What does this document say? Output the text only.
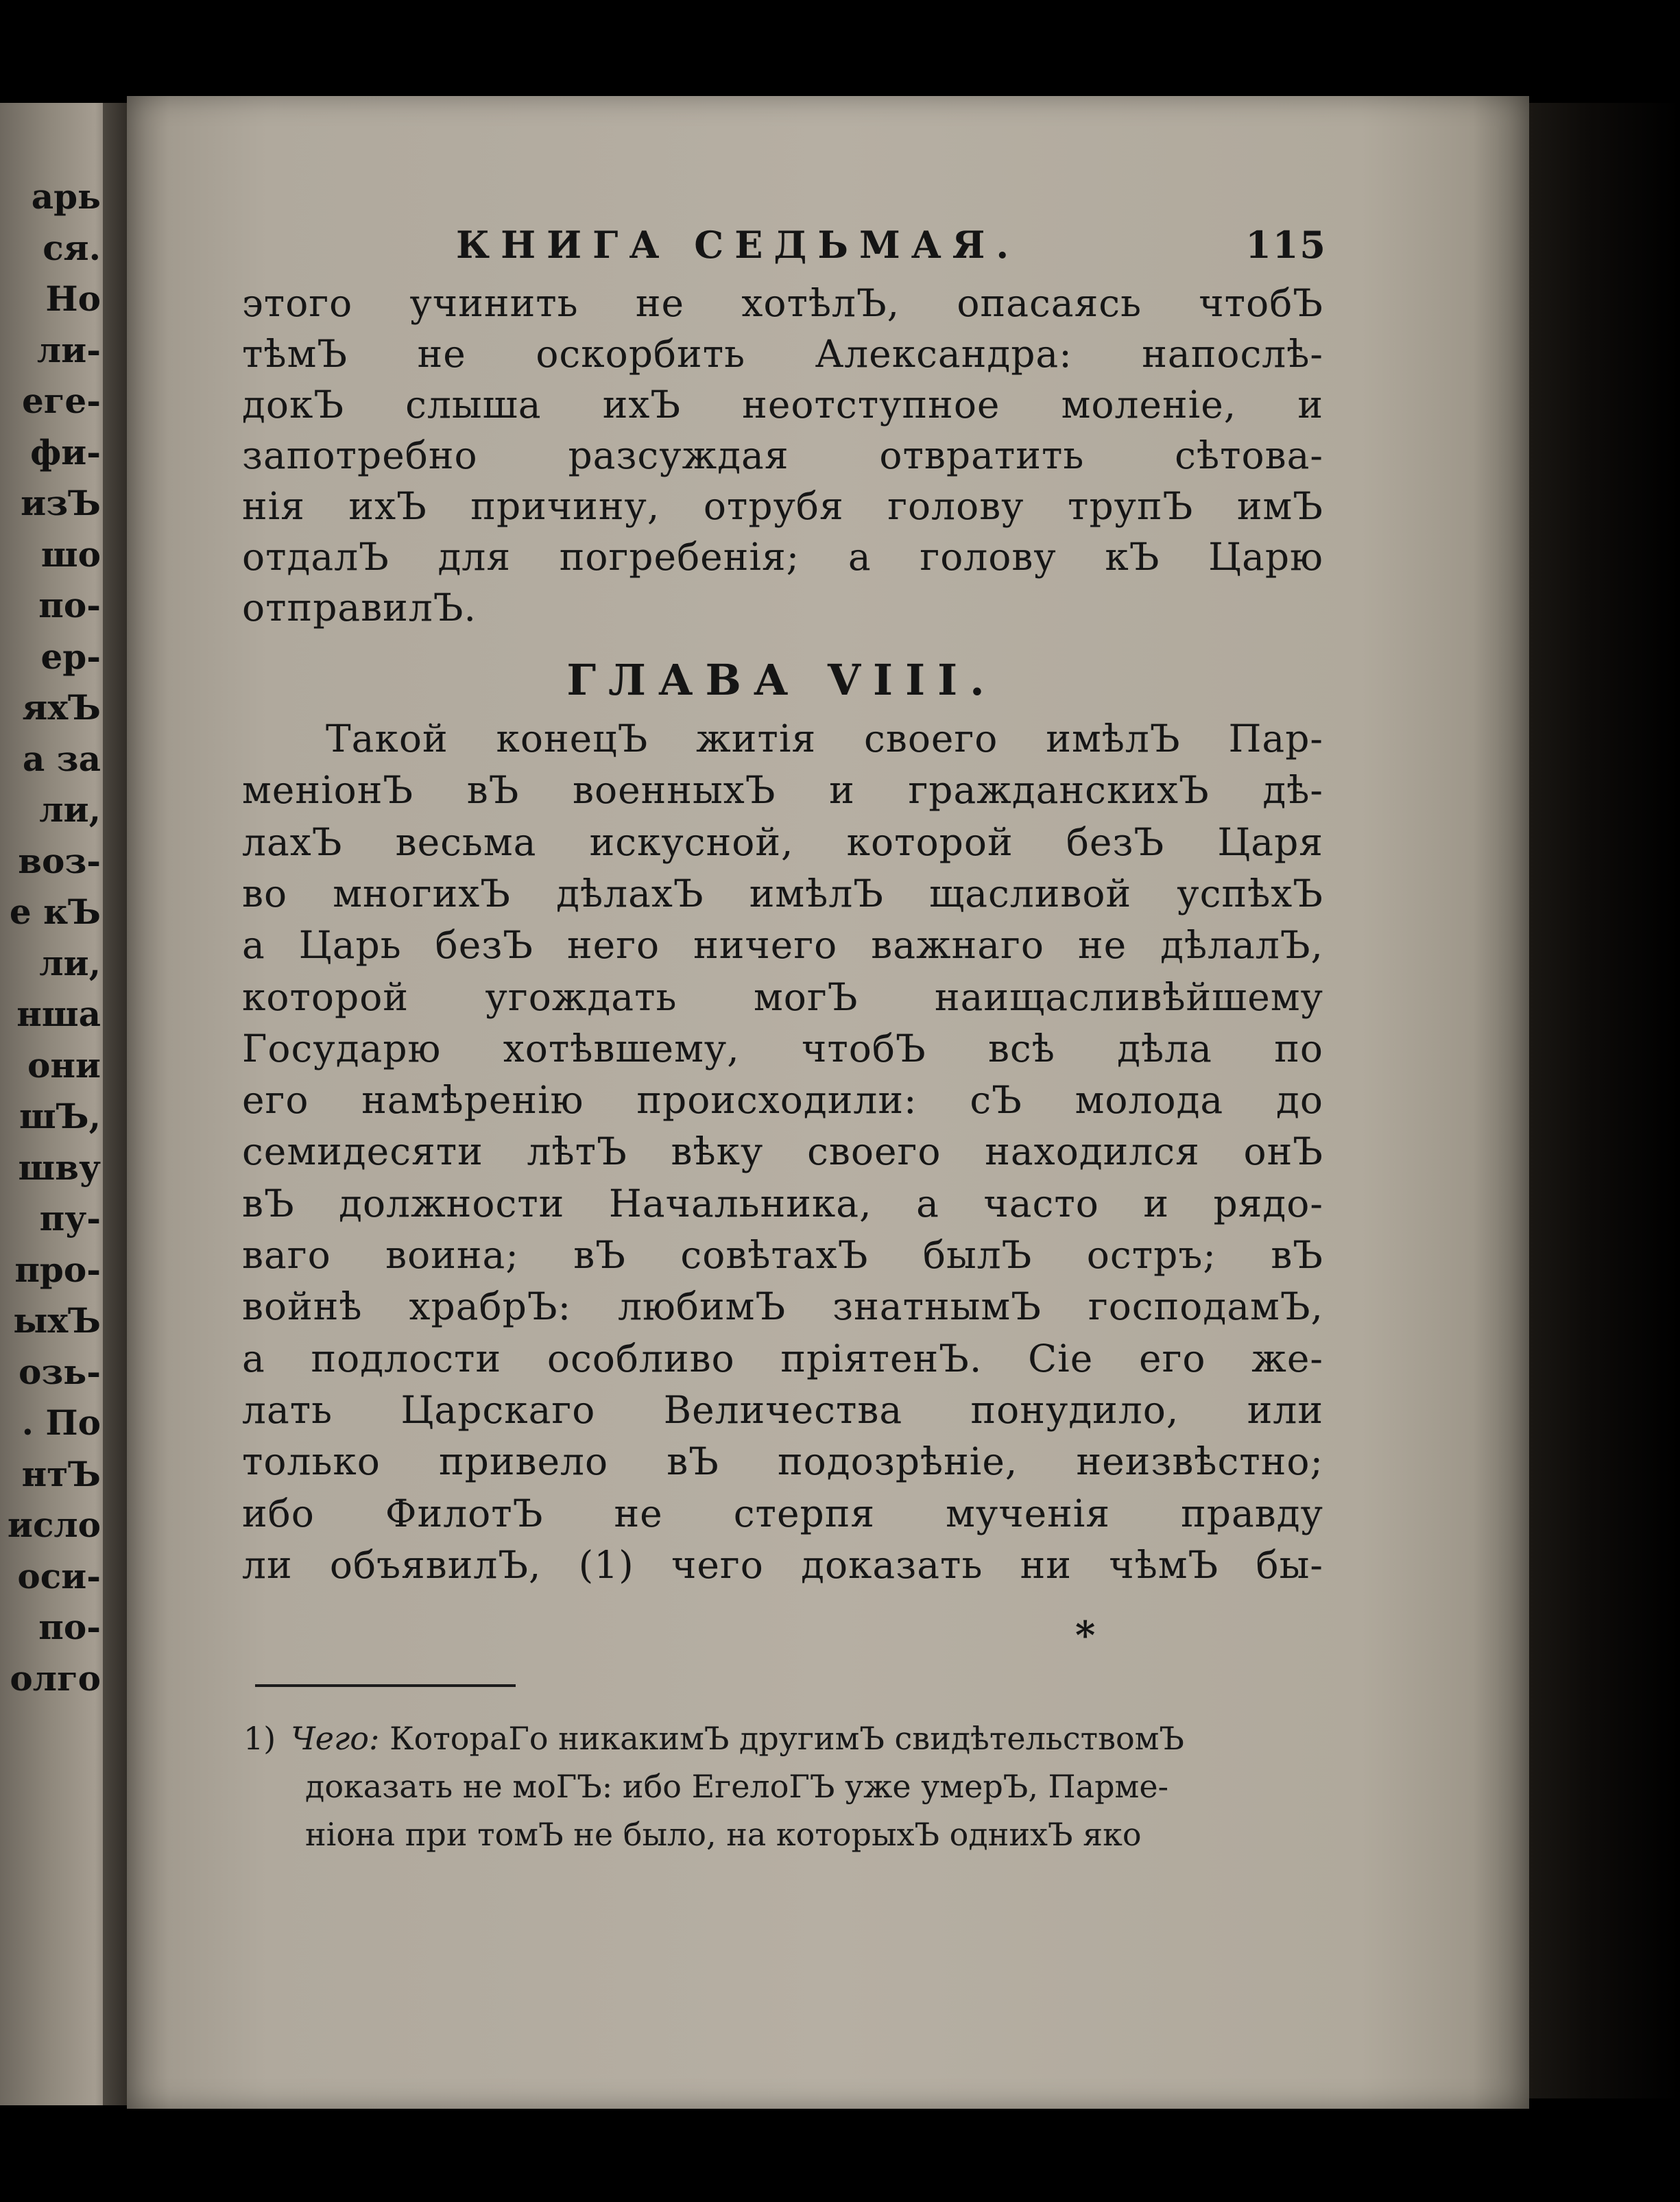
арь
ся.
Но
ли-
еге-
фи-
изЪ
шо
по-
ер-
яхЪ
а за
ли,
воз-
е кЪ
ли,
нша
они
шЪ,
шву
пу-
про-
ыхЪ
озь-
. По
нтЪ
исло
оси-
по-
олго
КНИГА СЕДЬМАЯ.	115
этого учинить не хотѣлЪ, опасаясь чтобЪ
тѣмЪ не оскорбить Александра: напослѣ-
докЪ слыша ихЪ неотступное моленіе, и
запотребно разсуждая отвратить сѣтова-
нія ихЪ причину, отрубя голову трупЪ имЪ
отдалЪ для погребенія; а голову кЪ Царю
отправилЪ.
ГЛАВА VIII.
Такой конецЪ житія своего имѣлЪ Пар-
меніонЪ вЪ военныхЪ и гражданскихЪ дѣ-
лахЪ весьма искусной, которой безЪ Царя
во многихЪ дѣлахЪ имѣлЪ щасливой успѣхЪ
а Царь безЪ него ничего важнаго не дѣлалЪ,
которой угождать могЪ наищасливѣйшему
Государю хотѣвшему, чтобЪ всѣ дѣла по
его намѣренію происходили: сЪ молода до
семидесяти лѣтЪ вѣку своего находился онЪ
вЪ должности Начальника, а часто и рядо-
ваго воина; вЪ совѣтахЪ былЪ остръ; вЪ
войнѣ храбрЪ: любимЪ знатнымЪ господамЪ,
а подлости особливо пріятенЪ. Сіе его же-
лать Царскаго Величества понудило, или
только привело вЪ подозрѣніе, неизвѣстно;
ибо ФилотЪ не стерпя мученія правду
ли объявилЪ, (1) чего доказать ни чѣмЪ бы-
*
1) Чего: КотораГо никакимЪ другимЪ свидѣтельствомЪ
доказать не моГЪ: ибо ЕгелоГЪ уже умерЪ, Парме-
ніона при томЪ не было, на которыхЪ однихЪ яко
